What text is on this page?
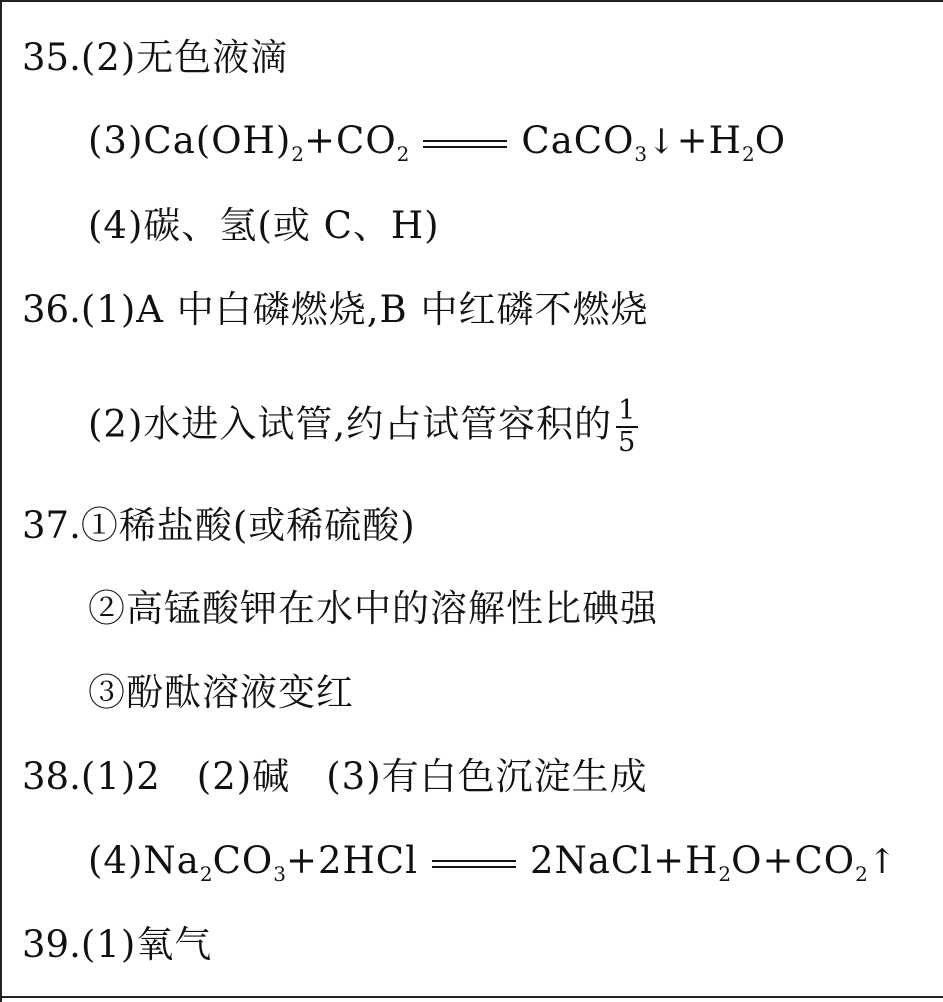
35.(2)无色液滴
$(3)Ca(OH)_2+CO_2$	$CaCO_3↓+H_2O$
(4)碳、氢(或 C、H)
36.(1)A 中白磷燃烧,B 中红磷不燃烧
(2)水进入试管,约占试管容积的 $\frac{1}{5}$
37.①稀盐酸(或稀硫酸)
②高锰酸钾在水中的溶解性比碘强
③酚酞溶液变红
38.(1)2 (2)碱 (3)有白色沉淀生成
$(4)Na_2CO_3+2HCl$	$2NaCl+H_2O+CO_2↑$
39.(1)氧气
